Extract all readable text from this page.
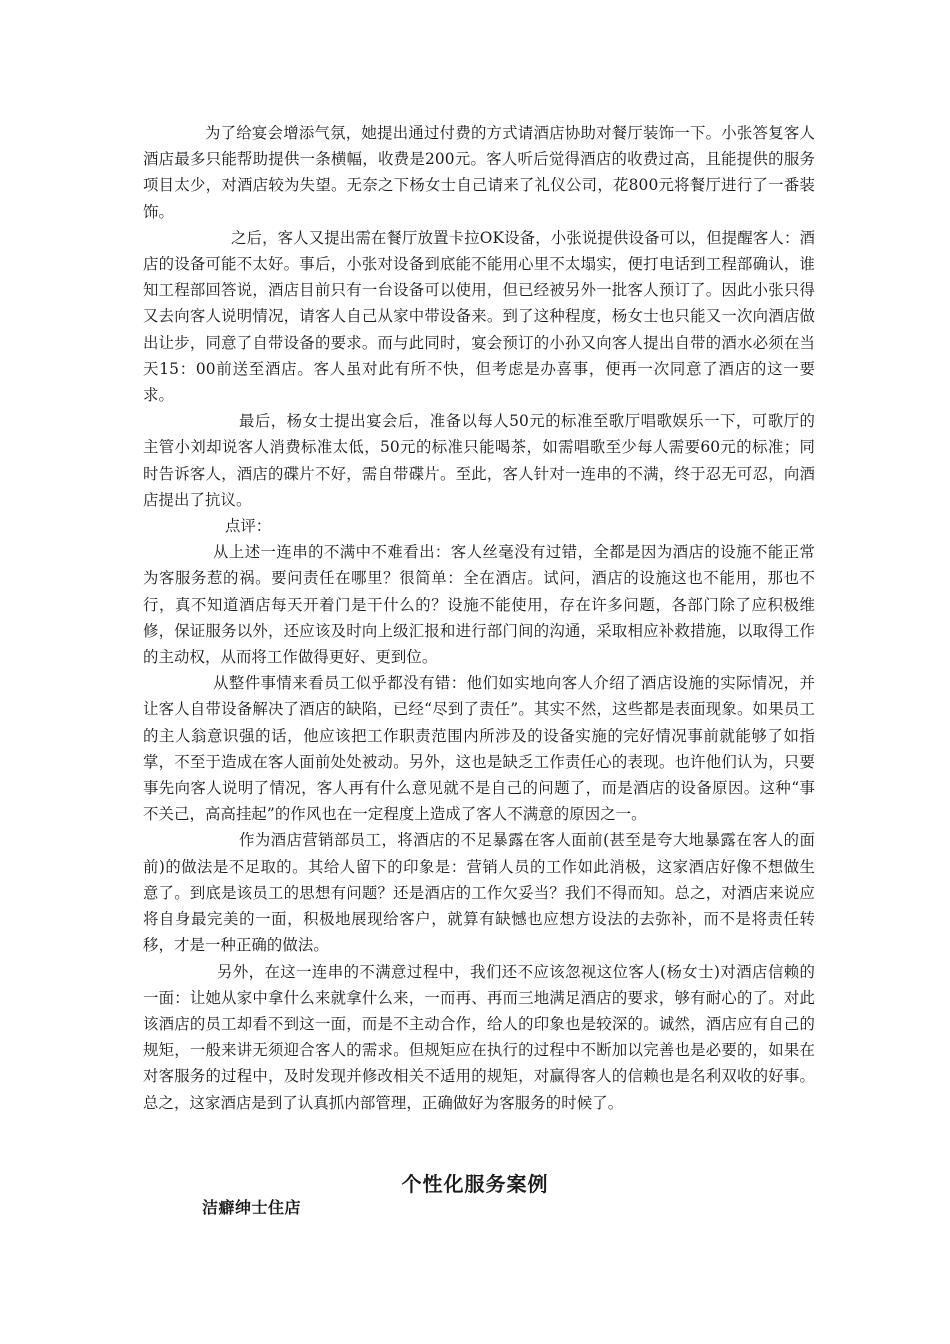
为了给宴会增添气氛，她提出通过付费的方式请酒店协助对餐厅装饰一下。小张答复客人酒店最多只能帮助提供一条横幅，收费是200元。客人听后觉得酒店的收费过高，且能提供的服务项目太少，对酒店较为失望。无奈之下杨女士自己请来了礼仪公司，花800元将餐厅进行了一番装饰。

之后，客人又提出需在餐厅放置卡拉OK设备，小张说提供设备可以，但提醒客人：酒店的设备可能不太好。事后，小张对设备到底能不能用心里不太塌实，便打电话到工程部确认，谁知工程部回答说，酒店目前只有一台设备可以使用，但已经被另外一批客人预订了。因此小张只得又去向客人说明情况，请客人自己从家中带设备来。到了这种程度，杨女士也只能又一次向酒店做出让步，同意了自带设备的要求。而与此同时，宴会预订的小孙又向客人提出自带的酒水必须在当天15：00前送至酒店。客人虽对此有所不快，但考虑是办喜事，便再一次同意了酒店的这一要求。

最后，杨女士提出宴会后，准备以每人50元的标准至歌厅唱歌娱乐一下，可歌厅的主管小刘却说客人消费标准太低，50元的标准只能喝茶，如需唱歌至少每人需要60元的标准；同时告诉客人，酒店的碟片不好，需自带碟片。至此，客人针对一连串的不满，终于忍无可忍，向酒店提出了抗议。

点评：

从上述一连串的不满中不难看出：客人丝毫没有过错，全都是因为酒店的设施不能正常为客服务惹的祸。要问责任在哪里？很简单：全在酒店。试问，酒店的设施这也不能用，那也不行，真不知道酒店每天开着门是干什么的？设施不能使用，存在许多问题，各部门除了应积极维修，保证服务以外，还应该及时向上级汇报和进行部门间的沟通，采取相应补救措施，以取得工作的主动权，从而将工作做得更好、更到位。

从整件事情来看员工似乎都没有错：他们如实地向客人介绍了酒店设施的实际情况，并让客人自带设备解决了酒店的缺陷，已经“尽到了责任”。其实不然，这些都是表面现象。如果员工的主人翁意识强的话，他应该把工作职责范围内所涉及的设备实施的完好情况事前就能够了如指掌，不至于造成在客人面前处处被动。另外，这也是缺乏工作责任心的表现。也许他们认为，只要事先向客人说明了情况，客人再有什么意见就不是自己的问题了，而是酒店的设备原因。这种“事不关己，高高挂起”的作风也在一定程度上造成了客人不满意的原因之一。

作为酒店营销部员工，将酒店的不足暴露在客人面前(甚至是夸大地暴露在客人的面前)的做法是不足取的。其给人留下的印象是：营销人员的工作如此消极，这家酒店好像不想做生意了。到底是该员工的思想有问题？还是酒店的工作欠妥当？我们不得而知。总之，对酒店来说应将自身最完美的一面，积极地展现给客户，就算有缺憾也应想方设法的去弥补，而不是将责任转移，才是一种正确的做法。

另外，在这一连串的不满意过程中，我们还不应该忽视这位客人(杨女士)对酒店信赖的一面：让她从家中拿什么来就拿什么来，一而再、再而三地满足酒店的要求，够有耐心的了。对此该酒店的员工却看不到这一面，而是不主动合作，给人的印象也是较深的。诚然，酒店应有自己的规矩，一般来讲无须迎合客人的需求。但规矩应在执行的过程中不断加以完善也是必要的，如果在对客服务的过程中，及时发现并修改相关不适用的规矩，对赢得客人的信赖也是名利双收的好事。总之，这家酒店是到了认真抓内部管理，正确做好为客服务的时候了。

个性化服务案例
洁癖绅士住店
